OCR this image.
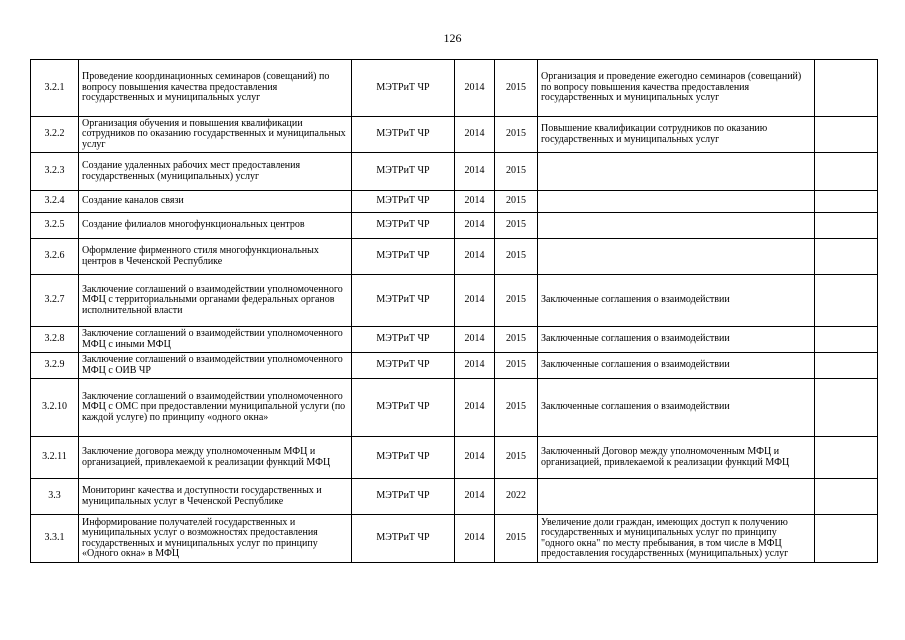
126
3.2.1	Проведение координационных семинаров (совещаний) по вопросу повышения качества предоставления государственных и муниципальных услуг	МЭТРиТ ЧР	2014	2015	Организация и проведение ежегодно семинаров (совещаний) по вопросу повышения качества предоставления государственных и муниципальных услуг	
3.2.2	Организация обучения и повышения квалификации сотрудников по оказанию государственных и муниципальных услуг	МЭТРиТ ЧР	2014	2015	Повышение квалификации сотрудников по оказанию государственных и муниципальных услуг	
3.2.3	Создание удаленных рабочих мест предоставления государственных (муниципальных) услуг	МЭТРиТ ЧР	2014	2015		
3.2.4	Создание каналов связи	МЭТРиТ ЧР	2014	2015		
3.2.5	Создание филиалов многофункциональных центров	МЭТРиТ ЧР	2014	2015		
3.2.6	Оформление фирменного стиля многофункциональных центров в Чеченской Республике	МЭТРиТ ЧР	2014	2015		
3.2.7	Заключение соглашений о взаимодействии уполномоченного МФЦ с территориальными органами федеральных органов исполнительной власти	МЭТРиТ ЧР	2014	2015	Заключенные соглашения о взаимодействии	
3.2.8	Заключение соглашений о взаимодействии уполномоченного МФЦ с иными МФЦ	МЭТРиТ ЧР	2014	2015	Заключенные соглашения о взаимодействии	
3.2.9	Заключение соглашений о взаимодействии уполномоченного МФЦ с ОИВ ЧР	МЭТРиТ ЧР	2014	2015	Заключенные соглашения о взаимодействии	
3.2.10	Заключение соглашений о взаимодействии уполномоченного МФЦ с ОМС при предоставлении муниципальной услуги (по каждой услуге) по принципу «одного окна»	МЭТРиТ ЧР	2014	2015	Заключенные соглашения о взаимодействии	
3.2.11	Заключение договора между уполномоченным МФЦ и организацией, привлекаемой к реализации функций МФЦ	МЭТРиТ ЧР	2014	2015	Заключенный Договор между уполномоченным МФЦ и организацией, привлекаемой к реализации функций МФЦ	
3.3	Мониторинг качества и доступности государственных и муниципальных услуг в Чеченской Республике	МЭТРиТ ЧР	2014	2022		
3.3.1	Информирование получателей государственных и муниципальных услуг о возможностях предоставления государственных и муниципальных услуг по принципу «Одного окна» в МФЦ	МЭТРиТ ЧР	2014	2015	Увеличение доли граждан, имеющих доступ к получению государственных и муниципальных услуг по принципу "одного окна" по месту пребывания, в том числе в МФЦ предоставления государственных (муниципальных) услуг	
